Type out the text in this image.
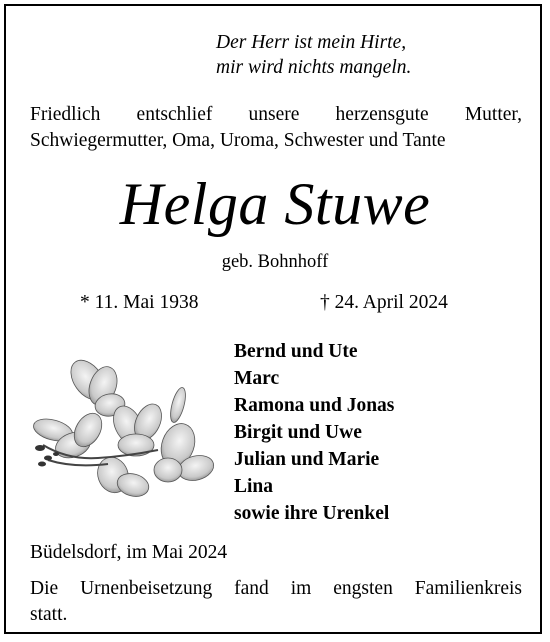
Der Herr ist mein Hirte,
mir wird nichts mangeln.
Friedlich entschlief unsere herzensgute Mutter,
Schwiegermutter, Oma, Uroma, Schwester und Tante
Helga Stuwe
geb. Bohnhoff
* 11. Mai 1938	† 24. April 2024
Bernd und Ute
Marc
Ramona und Jonas
Birgit und Uwe
Julian und Marie
Lina
sowie ihre Urenkel
Büdelsdorf, im Mai 2024
Die Urnenbeisetzung fand im engsten Familienkreis
statt.
